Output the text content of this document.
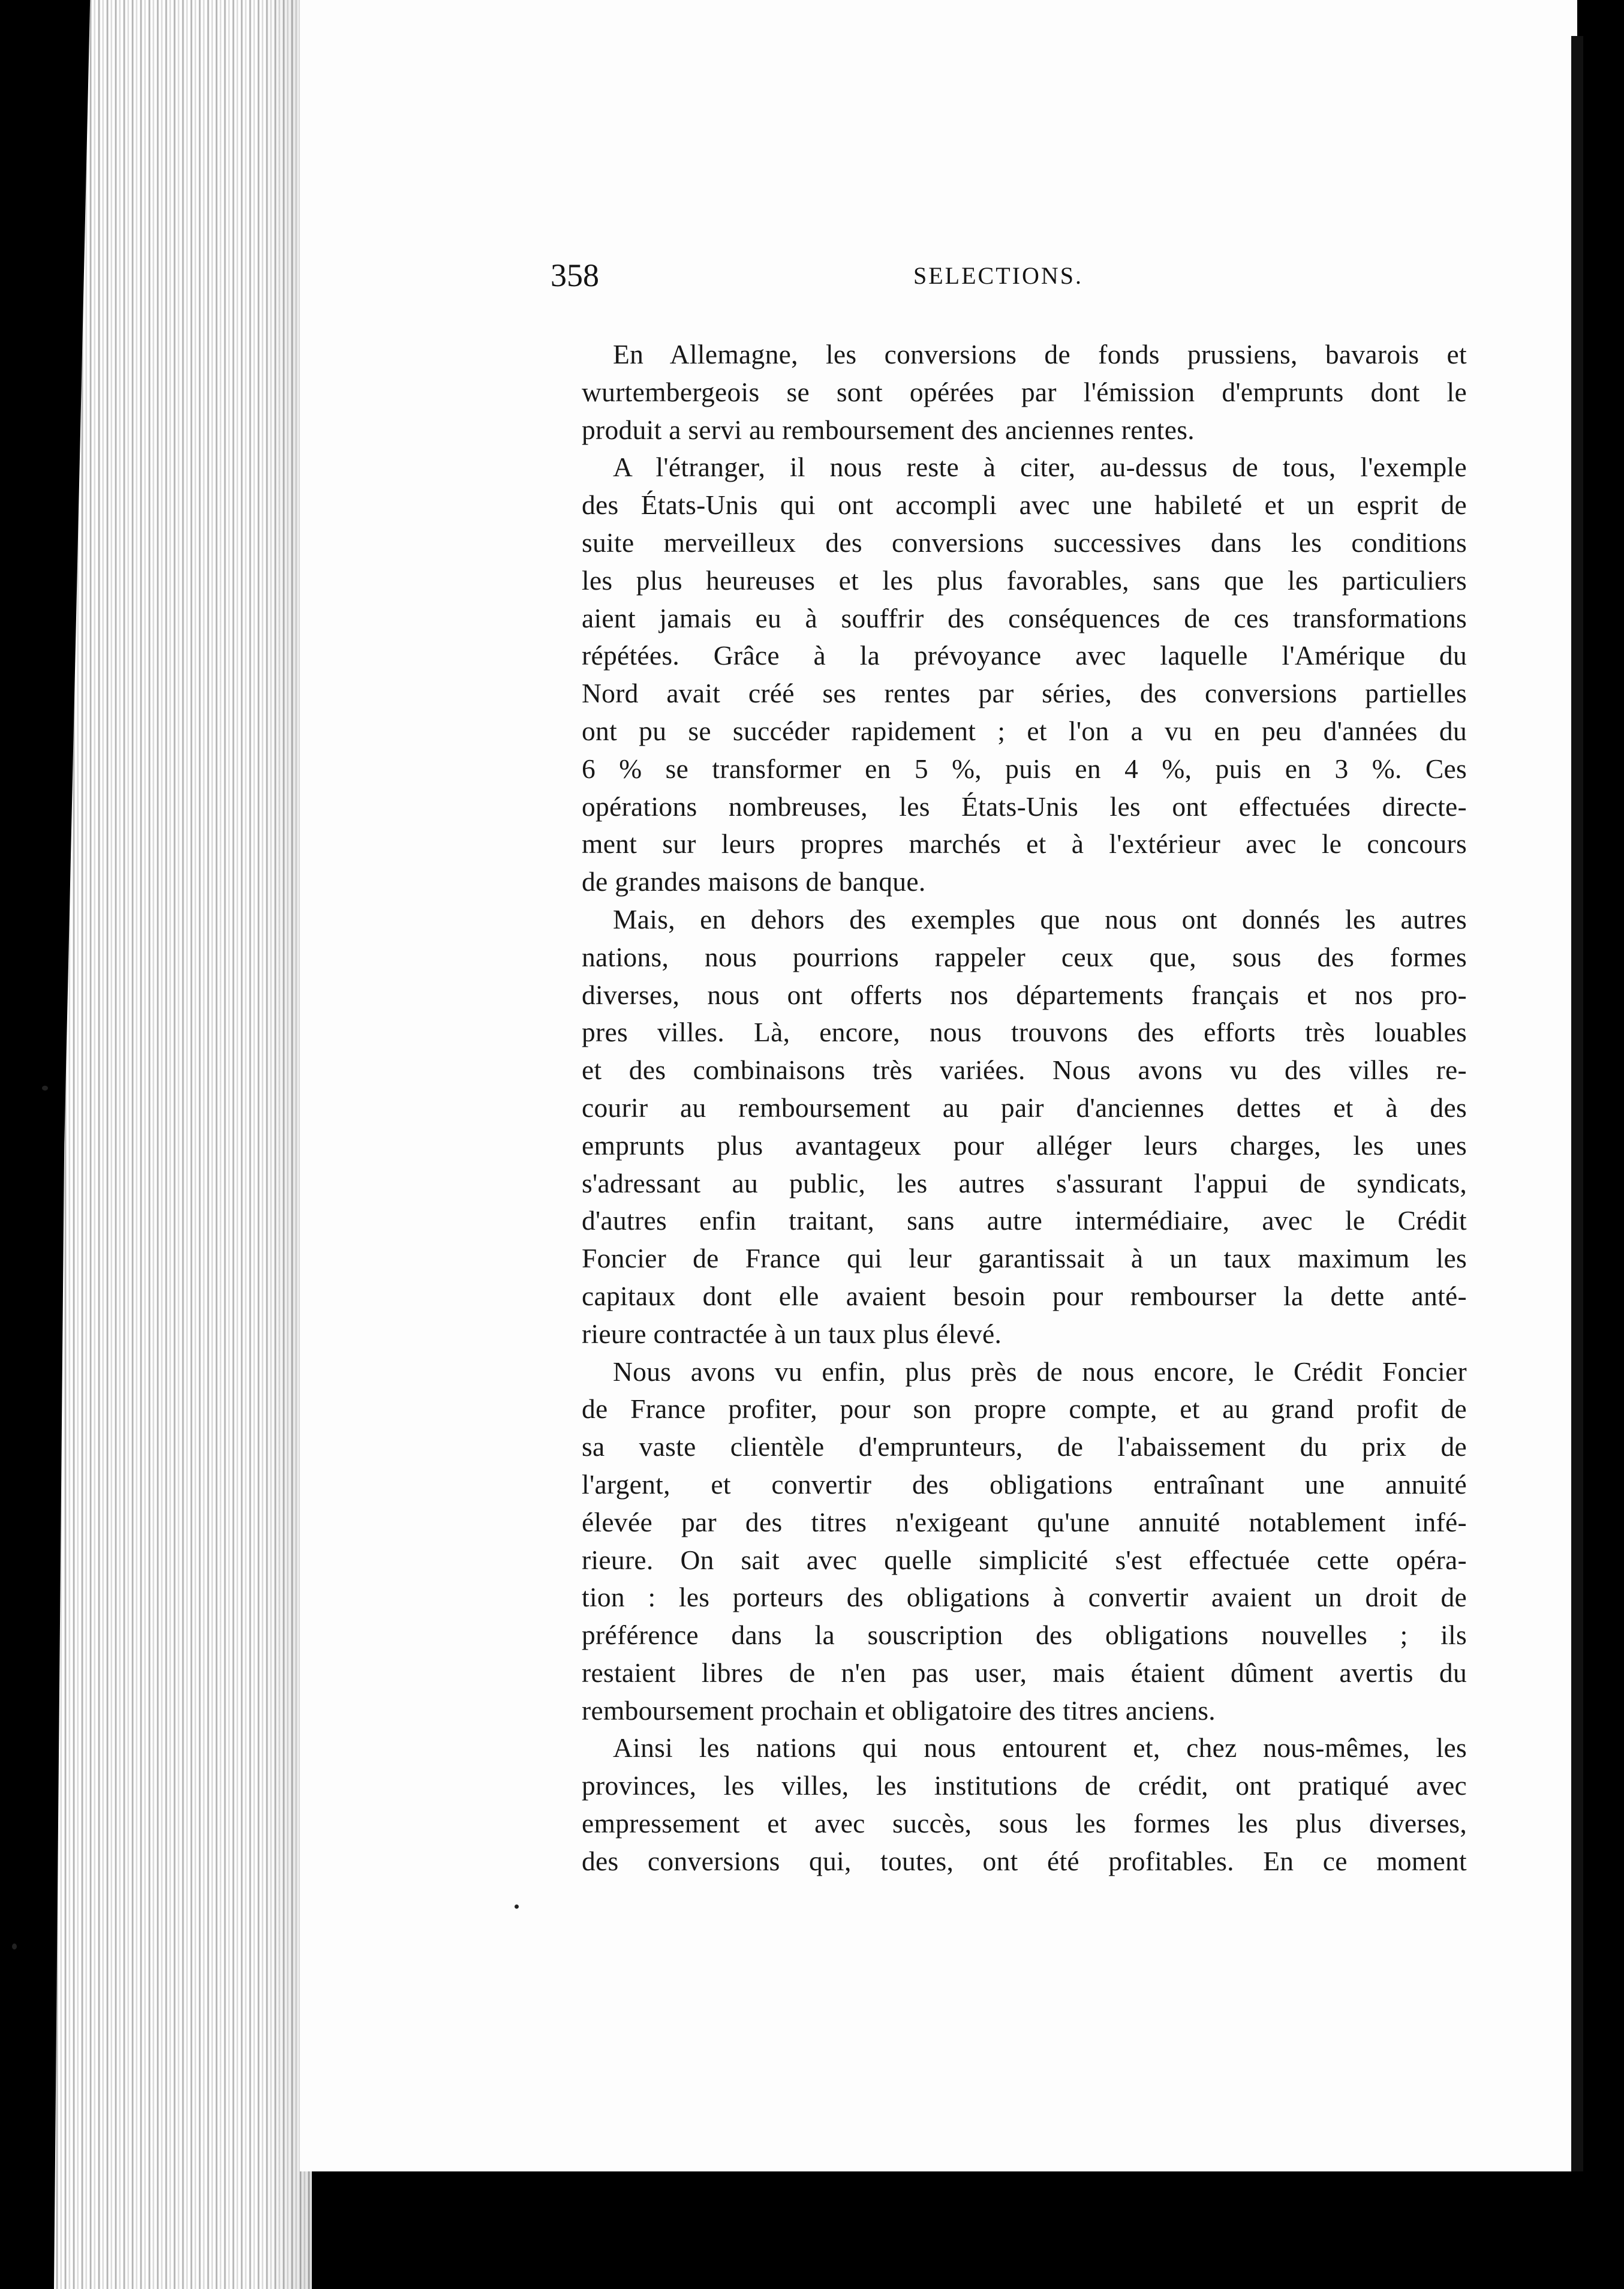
358	SELECTIONS.

En Allemagne, les conversions de fonds prussiens, bavarois et
wurtembergeois se sont opérées par l'émission d'emprunts dont le
produit a servi au remboursement des anciennes rentes.

A l'étranger, il nous reste à citer, au-dessus de tous, l'exemple
des États-Unis qui ont accompli avec une habileté et un esprit de
suite merveilleux des conversions successives dans les conditions
les plus heureuses et les plus favorables, sans que les particuliers
aient jamais eu à souffrir des conséquences de ces transformations
répétées. Grâce à la prévoyance avec laquelle l'Amérique du
Nord avait créé ses rentes par séries, des conversions partielles
ont pu se succéder rapidement ; et l'on a vu en peu d'années du
6 % se transformer en 5 %, puis en 4 %, puis en 3 %. Ces
opérations nombreuses, les États-Unis les ont effectuées directe-
ment sur leurs propres marchés et à l'extérieur avec le concours
de grandes maisons de banque.

Mais, en dehors des exemples que nous ont donnés les autres
nations, nous pourrions rappeler ceux que, sous des formes
diverses, nous ont offerts nos départements français et nos pro-
pres villes. Là, encore, nous trouvons des efforts très louables
et des combinaisons très variées. Nous avons vu des villes re-
courir au remboursement au pair d'anciennes dettes et à des
emprunts plus avantageux pour alléger leurs charges, les unes
s'adressant au public, les autres s'assurant l'appui de syndicats,
d'autres enfin traitant, sans autre intermédiaire, avec le Crédit
Foncier de France qui leur garantissait à un taux maximum les
capitaux dont elle avaient besoin pour rembourser la dette anté-
rieure contractée à un taux plus élevé.

Nous avons vu enfin, plus près de nous encore, le Crédit Foncier
de France profiter, pour son propre compte, et au grand profit de
sa vaste clientèle d'emprunteurs, de l'abaissement du prix de
l'argent, et convertir des obligations entraînant une annuité
élevée par des titres n'exigeant qu'une annuité notablement infé-
rieure. On sait avec quelle simplicité s'est effectuée cette opéra-
tion : les porteurs des obligations à convertir avaient un droit de
préférence dans la souscription des obligations nouvelles ; ils
restaient libres de n'en pas user, mais étaient dûment avertis du
remboursement prochain et obligatoire des titres anciens.

Ainsi les nations qui nous entourent et, chez nous-mêmes, les
provinces, les villes, les institutions de crédit, ont pratiqué avec
empressement et avec succès, sous les formes les plus diverses,
des conversions qui, toutes, ont été profitables. En ce moment
